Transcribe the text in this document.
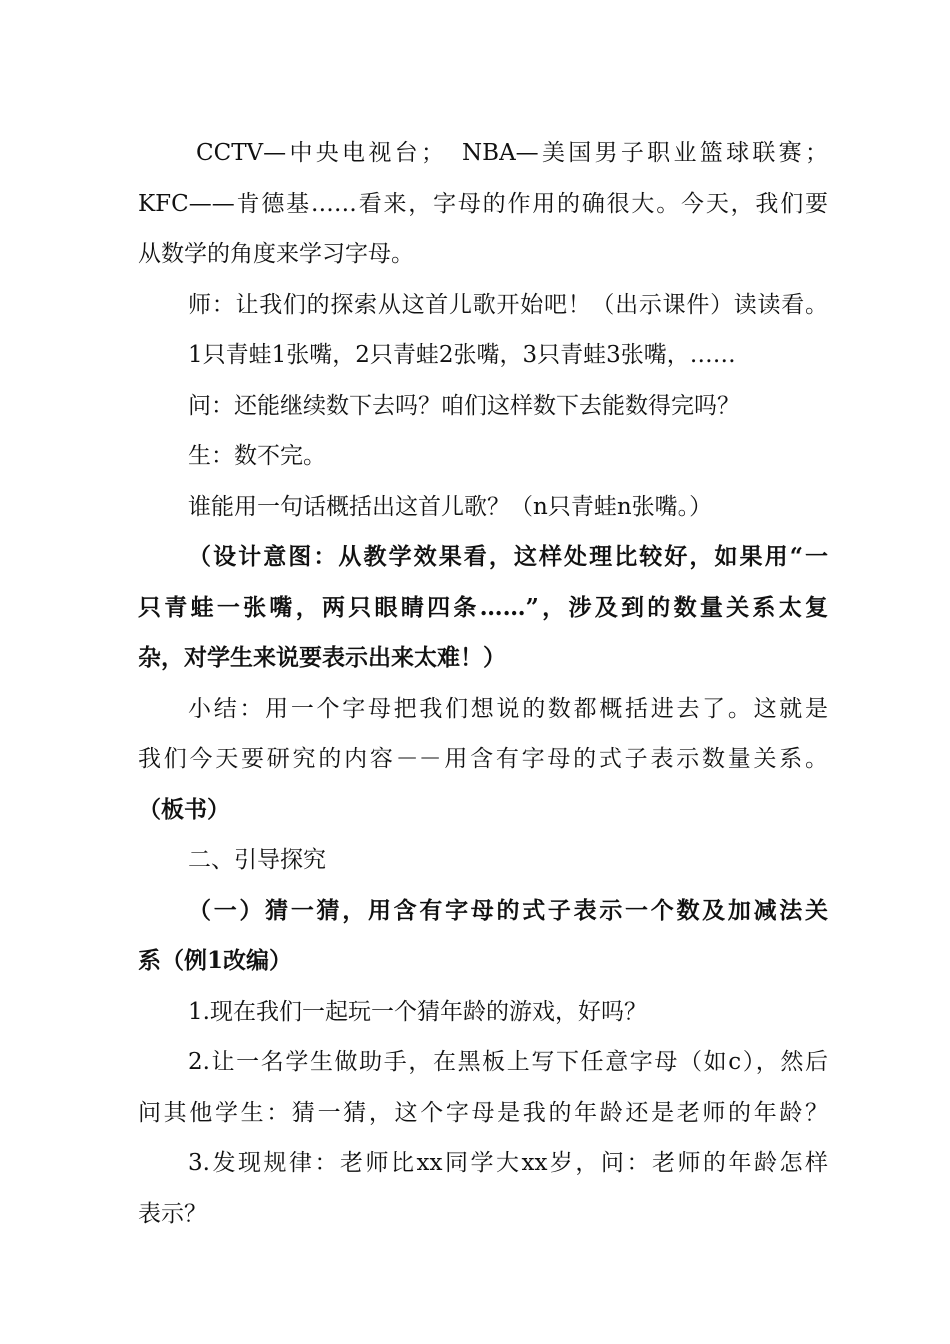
CCTV—中央电视台；　NBA—美国男子职业篮球联赛；
KFC——肯德基……看来，字母的作用的确很大。今天，我们要
从数学的角度来学习字母。
师：让我们的探索从这首儿歌开始吧！（出示课件）读读看。
1只青蛙1张嘴，2只青蛙2张嘴，3只青蛙3张嘴，……
问：还能继续数下去吗？咱们这样数下去能数得完吗？
生：数不完。
谁能用一句话概括出这首儿歌？（n只青蛙n张嘴。）
（设计意图：从教学效果看，这样处理比较好，如果用“一
只青蛙一张嘴，两只眼睛四条……”，涉及到的数量关系太复
杂，对学生来说要表示出来太难！）
小结：用一个字母把我们想说的数都概括进去了。这就是
我们今天要研究的内容－－用含有字母的式子表示数量关系。
（板书）
二、引导探究
（一）猜一猜，用含有字母的式子表示一个数及加减法关
系（例1改编）
1.现在我们一起玩一个猜年龄的游戏，好吗？
2.让一名学生做助手，在黑板上写下任意字母（如c），然后
问其他学生：猜一猜，这个字母是我的年龄还是老师的年龄？
3.发现规律：老师比xx同学大xx岁，问：老师的年龄怎样
表示？
